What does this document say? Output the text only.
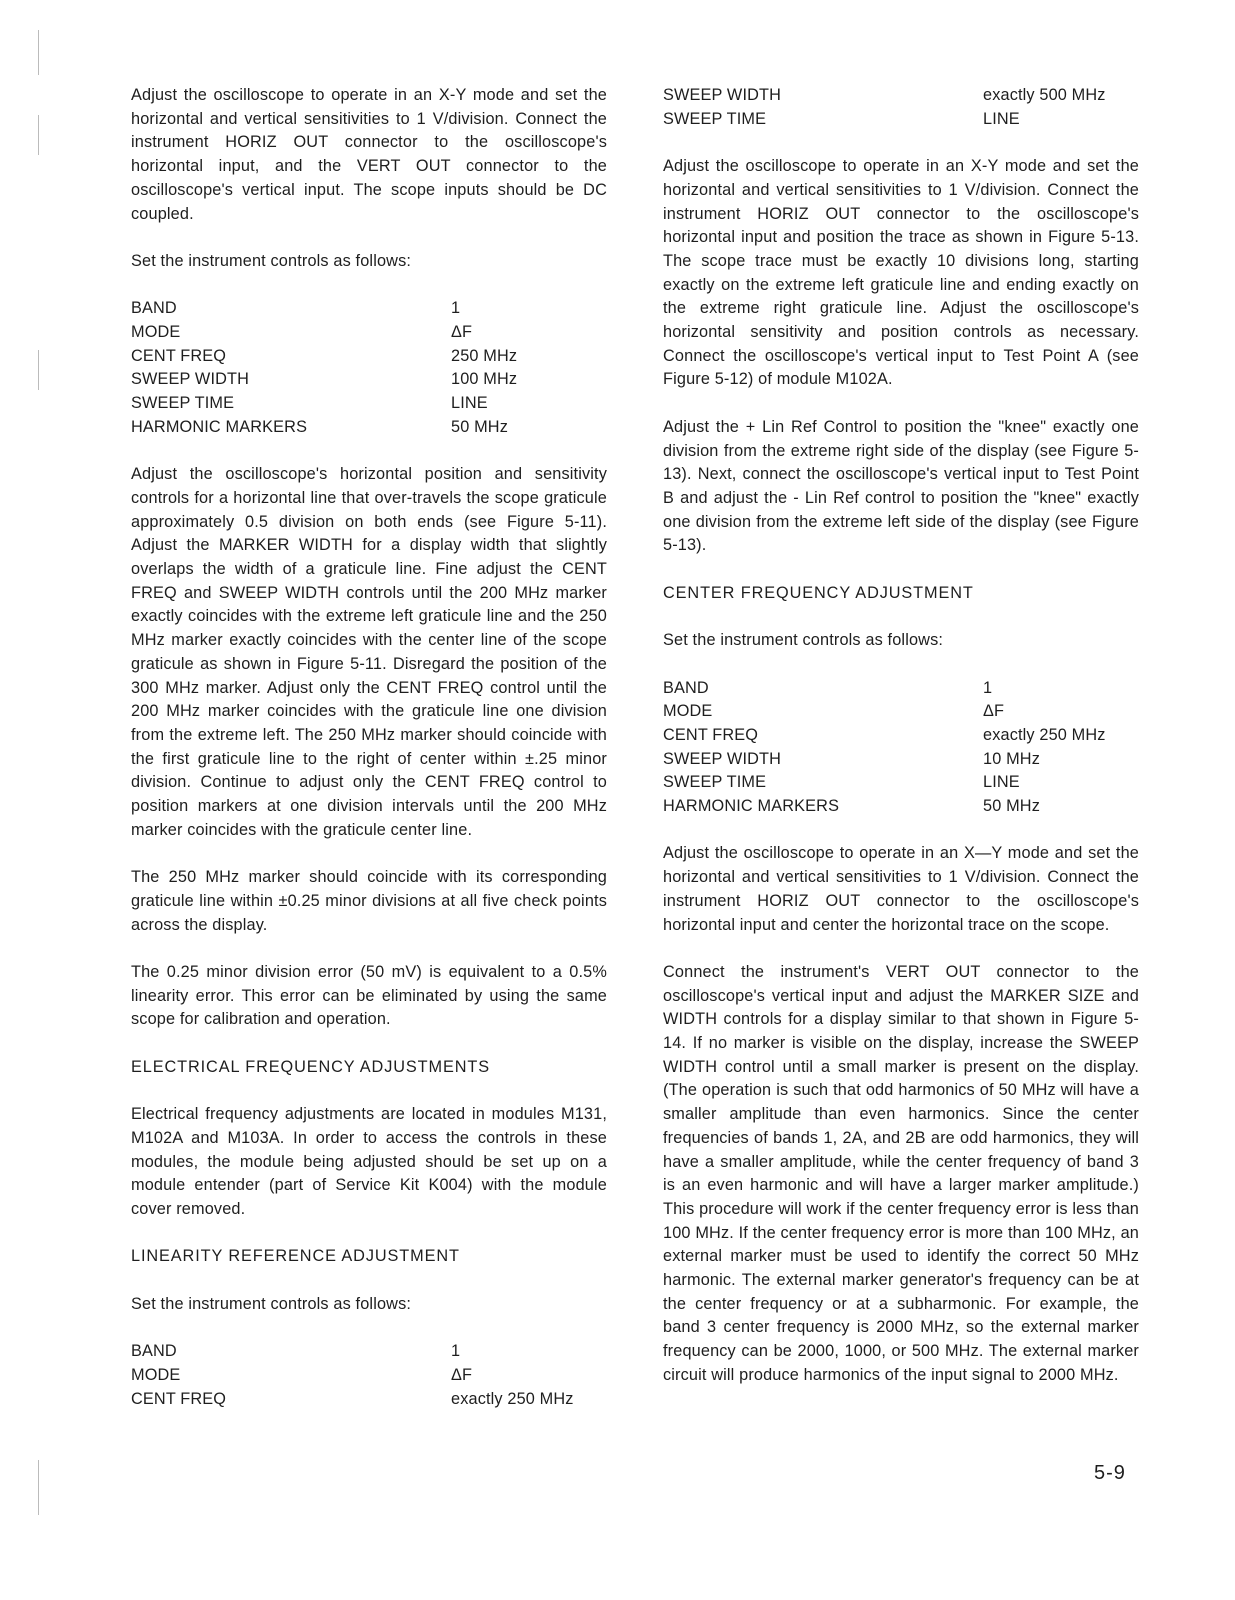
Adjust the oscilloscope to operate in an X-Y mode and set the horizontal and vertical sensitivities to 1 V/division. Connect the instrument HORIZ OUT connector to the oscilloscope's horizontal input, and the VERT OUT connector to the oscilloscope's vertical input. The scope inputs should be DC coupled.
Set the instrument controls as follows:
BAND	1
MODE	ΔF
CENT FREQ	250 MHz
SWEEP WIDTH	100 MHz
SWEEP TIME	LINE
HARMONIC MARKERS	50 MHz
Adjust the oscilloscope's horizontal position and sensitivity controls for a horizontal line that over-travels the scope graticule approximately 0.5 division on both ends (see Figure 5-11). Adjust the MARKER WIDTH for a display width that slightly overlaps the width of a graticule line. Fine adjust the CENT FREQ and SWEEP WIDTH controls until the 200 MHz marker exactly coincides with the extreme left graticule line and the 250 MHz marker exactly coincides with the center line of the scope graticule as shown in Figure 5-11. Disregard the position of the 300 MHz marker. Adjust only the CENT FREQ control until the 200 MHz marker coincides with the graticule line one division from the extreme left. The 250 MHz marker should coincide with the first graticule line to the right of center within ±.25 minor division. Continue to adjust only the CENT FREQ control to position markers at one division intervals until the 200 MHz marker coincides with the graticule center line.
The 250 MHz marker should coincide with its corresponding graticule line within ±0.25 minor divisions at all five check points across the display.
The 0.25 minor division error (50 mV) is equivalent to a 0.5% linearity error. This error can be eliminated by using the same scope for calibration and operation.
ELECTRICAL FREQUENCY ADJUSTMENTS
Electrical frequency adjustments are located in modules M131, M102A and M103A. In order to access the controls in these modules, the module being adjusted should be set up on a module entender (part of Service Kit K004) with the module cover removed.
LINEARITY REFERENCE ADJUSTMENT
Set the instrument controls as follows:
BAND	1
MODE	ΔF
CENT FREQ	exactly 250 MHz
SWEEP WIDTH	exactly 500 MHz
SWEEP TIME	LINE
Adjust the oscilloscope to operate in an X-Y mode and set the horizontal and vertical sensitivities to 1 V/division. Connect the instrument HORIZ OUT connector to the oscilloscope's horizontal input and position the trace as shown in Figure 5-13. The scope trace must be exactly 10 divisions long, starting exactly on the extreme left graticule line and ending exactly on the extreme right graticule line. Adjust the oscilloscope's horizontal sensitivity and position controls as necessary. Connect the oscilloscope's vertical input to Test Point A (see Figure 5-12) of module M102A.
Adjust the + Lin Ref Control to position the "knee" exactly one division from the extreme right side of the display (see Figure 5-13). Next, connect the oscilloscope's vertical input to Test Point B and adjust the - Lin Ref control to position the "knee" exactly one division from the extreme left side of the display (see Figure 5-13).
CENTER FREQUENCY ADJUSTMENT
Set the instrument controls as follows:
BAND	1
MODE	ΔF
CENT FREQ	exactly 250 MHz
SWEEP WIDTH	10 MHz
SWEEP TIME	LINE
HARMONIC MARKERS	50 MHz
Adjust the oscilloscope to operate in an X—Y mode and set the horizontal and vertical sensitivities to 1 V/division. Connect the instrument HORIZ OUT connector to the oscilloscope's horizontal input and center the horizontal trace on the scope.
Connect the instrument's VERT OUT connector to the oscilloscope's vertical input and adjust the MARKER SIZE and WIDTH controls for a display similar to that shown in Figure 5-14. If no marker is visible on the display, increase the SWEEP WIDTH control until a small marker is present on the display. (The operation is such that odd harmonics of 50 MHz will have a smaller amplitude than even harmonics. Since the center frequencies of bands 1, 2A, and 2B are odd harmonics, they will have a smaller amplitude, while the center frequency of band 3 is an even harmonic and will have a larger marker amplitude.) This procedure will work if the center frequency error is less than 100 MHz. If the center frequency error is more than 100 MHz, an external marker must be used to identify the correct 50 MHz harmonic. The external marker generator's frequency can be at the center frequency or at a subharmonic. For example, the band 3 center frequency is 2000 MHz, so the external marker frequency can be 2000, 1000, or 500 MHz. The external marker circuit will produce harmonics of the input signal to 2000 MHz.
5-9
